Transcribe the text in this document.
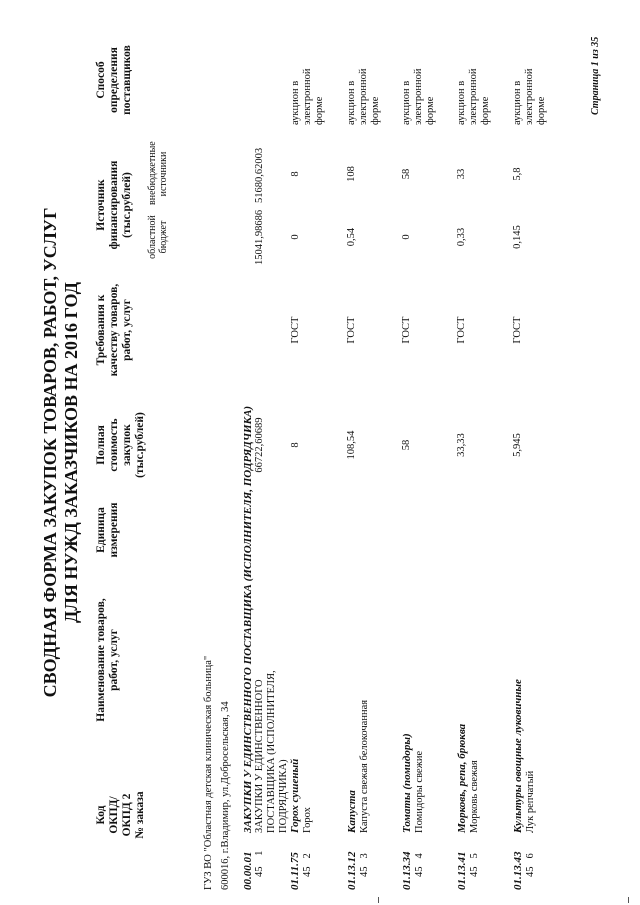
СВОДНАЯ ФОРМА ЗАКУПОК ТОВАРОВ, РАБОТ, УСЛУГ ДЛЯ НУЖД ЗАКАЗЧИКОВ НА 2016 ГОД
Код ОКПД/ ОКПД 2 № заказа
Наименование товаров, работ, услуг
Единица измерения
Полная стоимость закупок (тыс.рублей)
Требования к качеству товаров, работ, услуг
Источник финансирования (тыс.рублей) областной бюджет
внебюджетные источники
Способ определения поставщиков
ГУЗ ВО "Областная детская клиническая больница" 600016, г.Владимир, ул.Добросельская, 34 00.00.01
ЗАКУПКИ У ЕДИНСТВЕННОГО ПОСТАВЩИКА (ИСПОЛНИТЕЛЯ, ПОДРЯДЧИКА)
45 1
ЗАКУПКИ У ЕДИНСТВЕННОГО ПОСТАВЩИКА (ИСПОЛНИТЕЛЯ, ПОДРЯДЧИКА)
66722,60689
15041,98686
51680,62003
01.11.75
Горох сушеный
452
Горох
8
ГОСТ
0
8
аукцион в электронной форме
01.13.12
Капуста
453
Капуста свежая белокочанная
108,54
ГОСТ
0,54
108
аукцион в электронной форме
01.13.34
Томаты (помидоры)
454
Помидоры свежие
58
ГОСТ
0
58
аукцион в электронной форме
01.13.41
Морковь, репа, брюква
455
Морковь свежая
33,33
ГОСТ
0,33
33
аукцион в электронной форме
01.13.43
Культуры овощные луковичные
456
Лук репчатый
5,945
ГОСТ
0,145
5,8
аукцион в электронной форме	Страница 1 из 35
